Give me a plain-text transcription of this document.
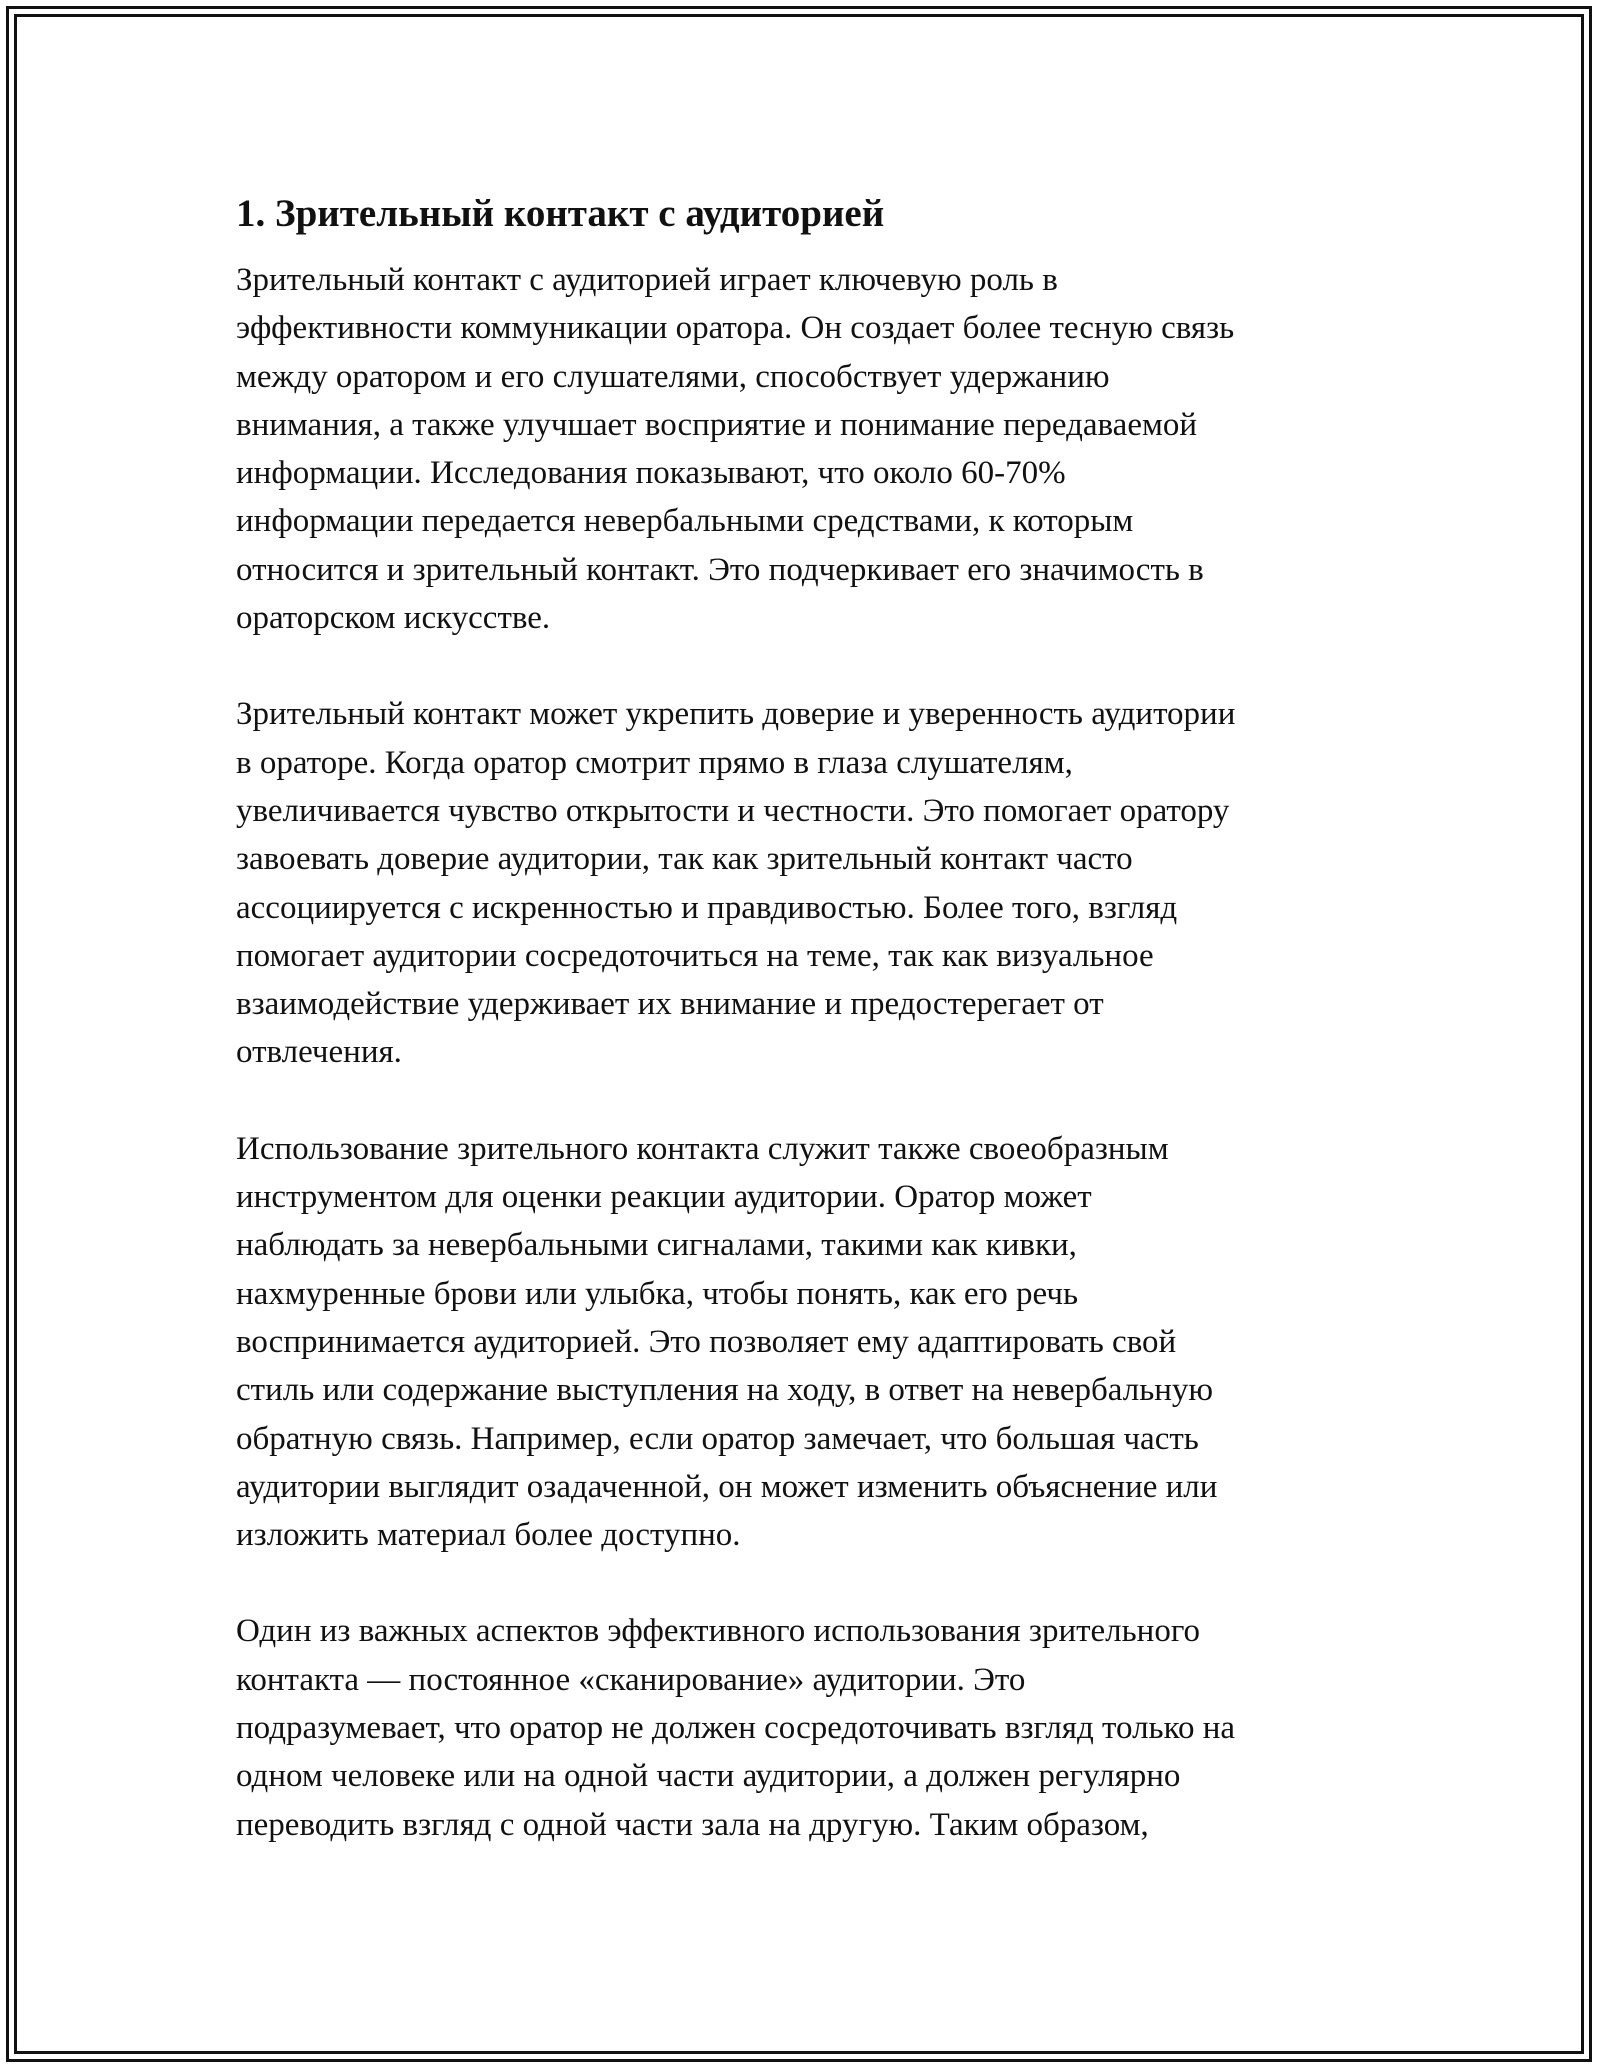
1. Зрительный контакт с аудиторией
Зрительный контакт с аудиторией играет ключевую роль в
эффективности коммуникации оратора. Он создает более тесную связь
между оратором и его слушателями, способствует удержанию
внимания, а также улучшает восприятие и понимание передаваемой
информации. Исследования показывают, что около 60-70%
информации передается невербальными средствами, к которым
относится и зрительный контакт. Это подчеркивает его значимость в
ораторском искусстве.
Зрительный контакт может укрепить доверие и уверенность аудитории
в ораторе. Когда оратор смотрит прямо в глаза слушателям,
увеличивается чувство открытости и честности. Это помогает оратору
завоевать доверие аудитории, так как зрительный контакт часто
ассоциируется с искренностью и правдивостью. Более того, взгляд
помогает аудитории сосредоточиться на теме, так как визуальное
взаимодействие удерживает их внимание и предостерегает от
отвлечения.
Использование зрительного контакта служит также своеобразным
инструментом для оценки реакции аудитории. Оратор может
наблюдать за невербальными сигналами, такими как кивки,
нахмуренные брови или улыбка, чтобы понять, как его речь
воспринимается аудиторией. Это позволяет ему адаптировать свой
стиль или содержание выступления на ходу, в ответ на невербальную
обратную связь. Например, если оратор замечает, что большая часть
аудитории выглядит озадаченной, он может изменить объяснение или
изложить материал более доступно.
Один из важных аспектов эффективного использования зрительного
контакта — постоянное «сканирование» аудитории. Это
подразумевает, что оратор не должен сосредоточивать взгляд только на
одном человеке или на одной части аудитории, а должен регулярно
переводить взгляд с одной части зала на другую. Таким образом,
